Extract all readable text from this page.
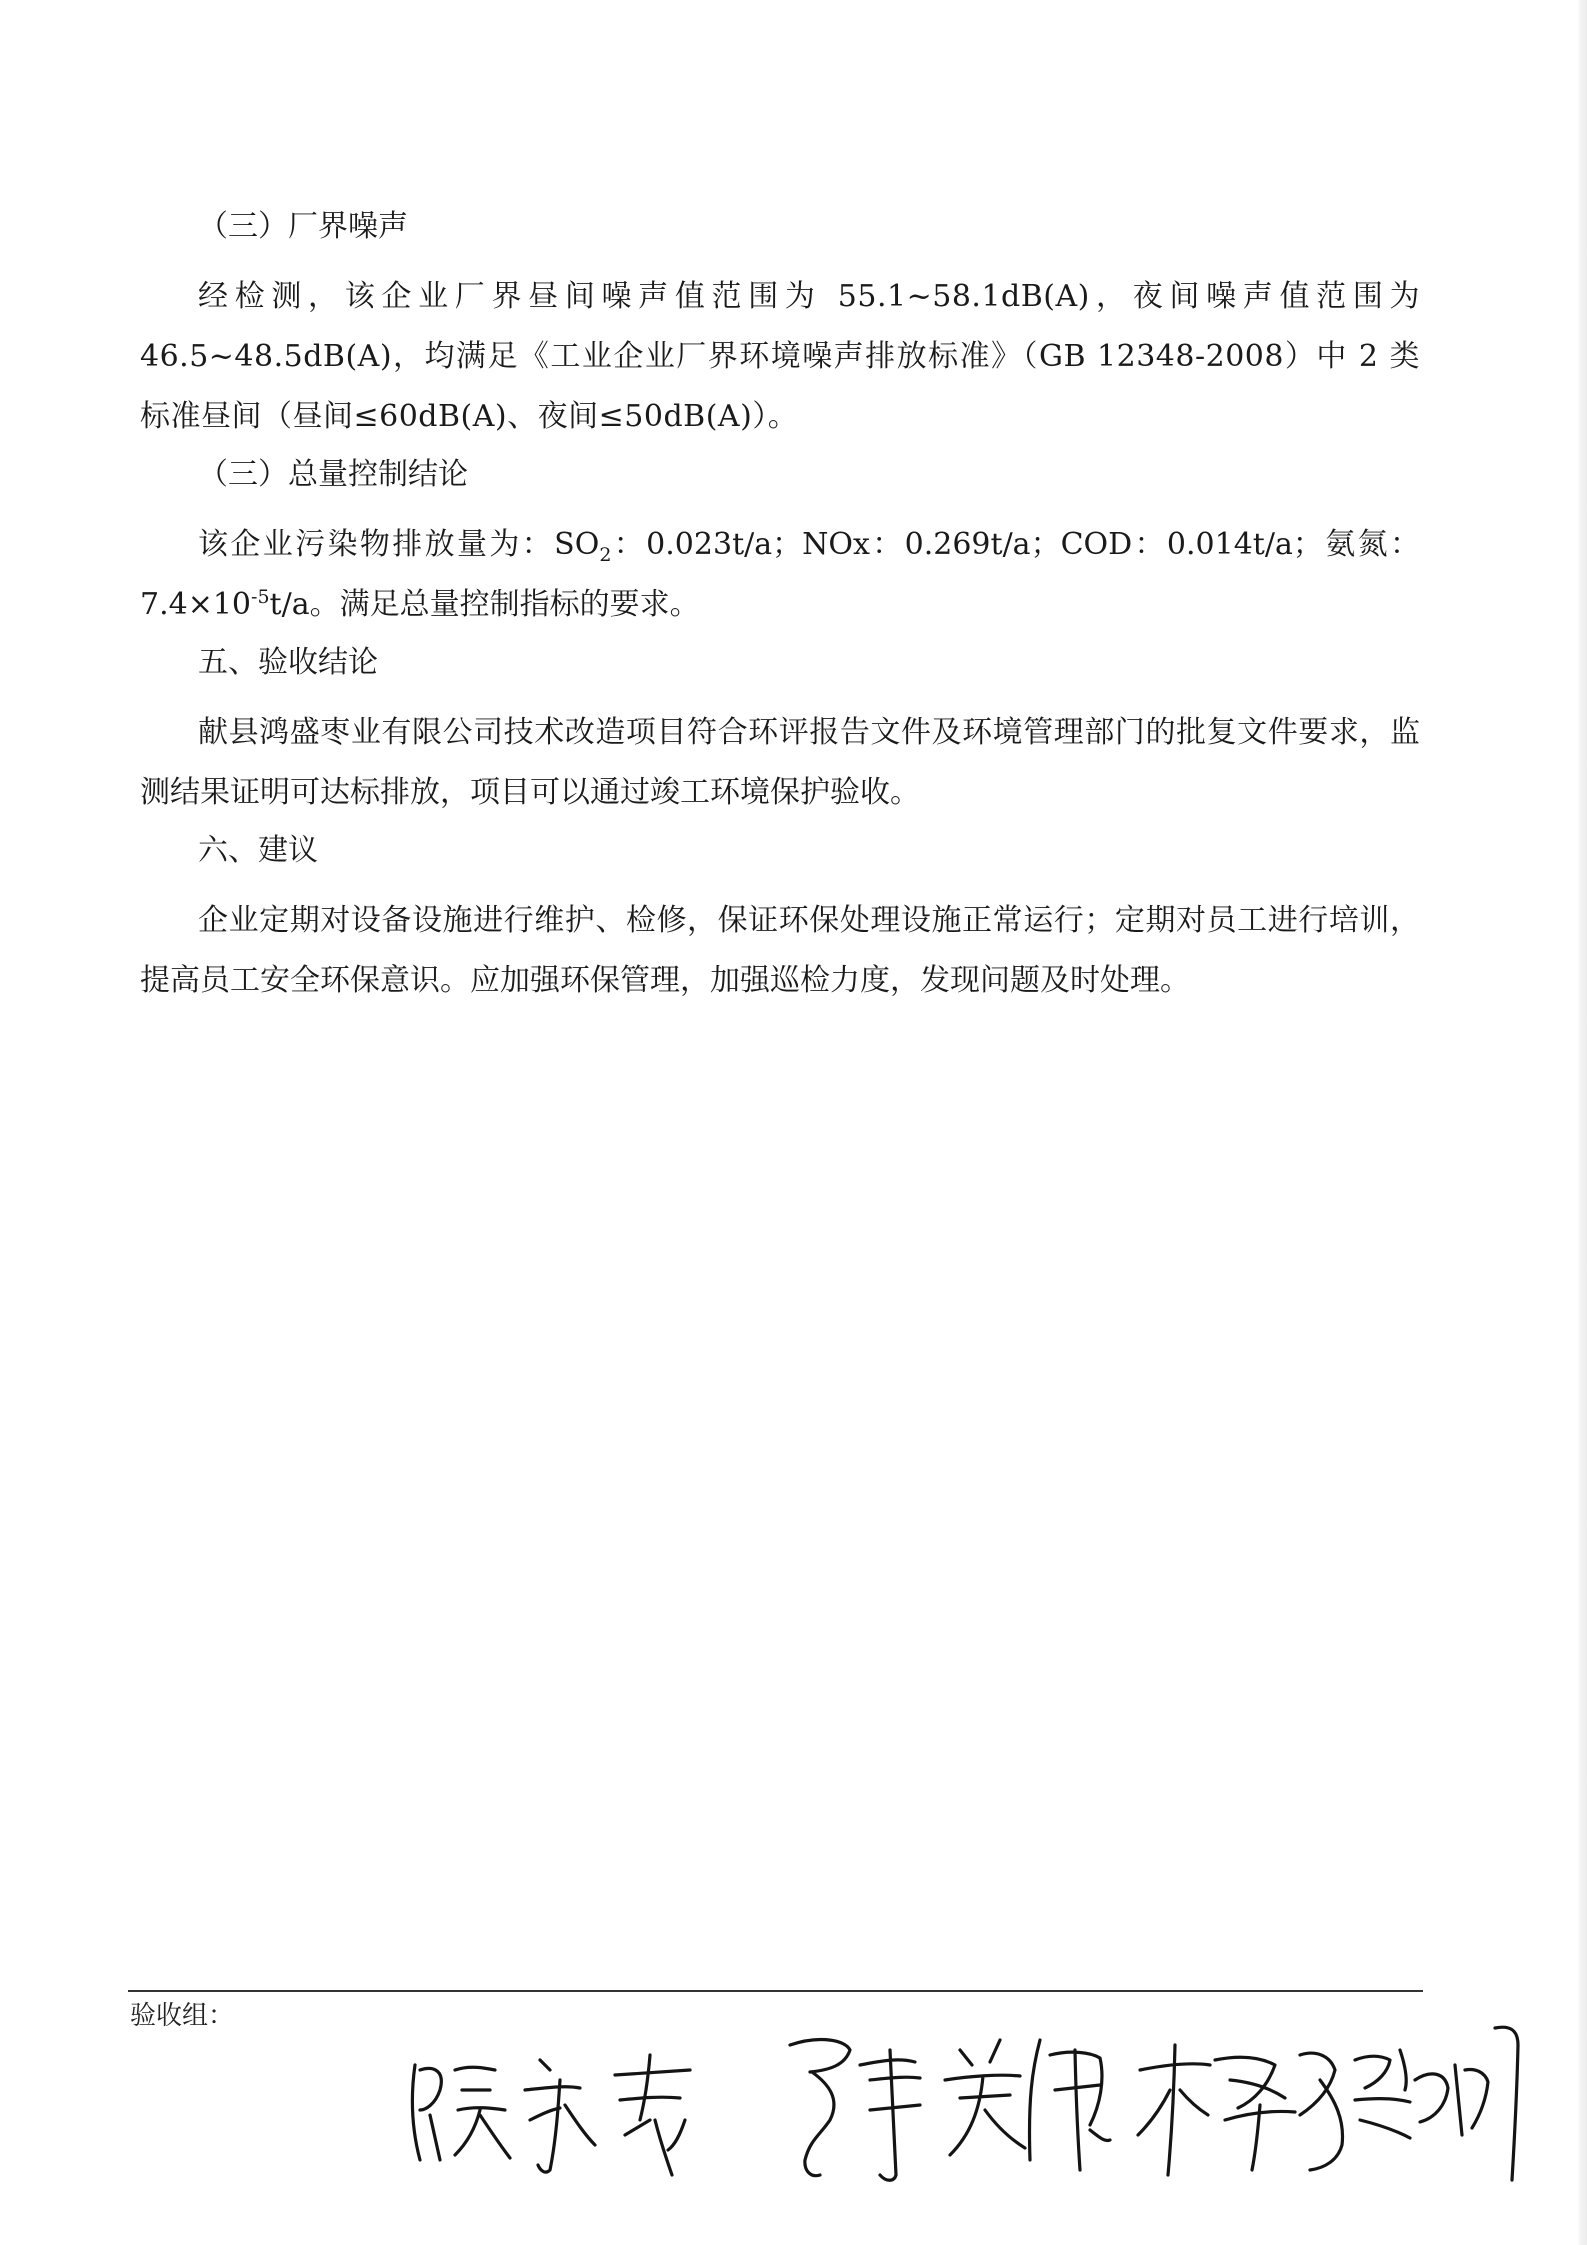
（三）厂界噪声

经检测，该企业厂界昼间噪声值范围为 55.1~58.1dB(A)，夜间噪声值范围为 46.5~48.5dB(A)，均满足《工业企业厂界环境噪声排放标准》（GB 12348-2008）中 2 类标准昼间（昼间≤60dB(A)、夜间≤50dB(A)）。

（三）总量控制结论

该企业污染物排放量为：$SO_2$：0.023t/a；NOx：0.269t/a；COD：0.014t/a；氨氮：$7.4\times 10^{-5}t/a$。满足总量控制指标的要求。

五、验收结论

献县鸿盛枣业有限公司技术改造项目符合环评报告文件及环境管理部门的批复文件要求，监测结果证明可达标排放，项目可以通过竣工环境保护验收。

六、建议

企业定期对设备设施进行维护、检修，保证环保处理设施正常运行；定期对员工进行培训，提高员工安全环保意识。应加强环保管理，加强巡检力度，发现问题及时处理。

验收组：
